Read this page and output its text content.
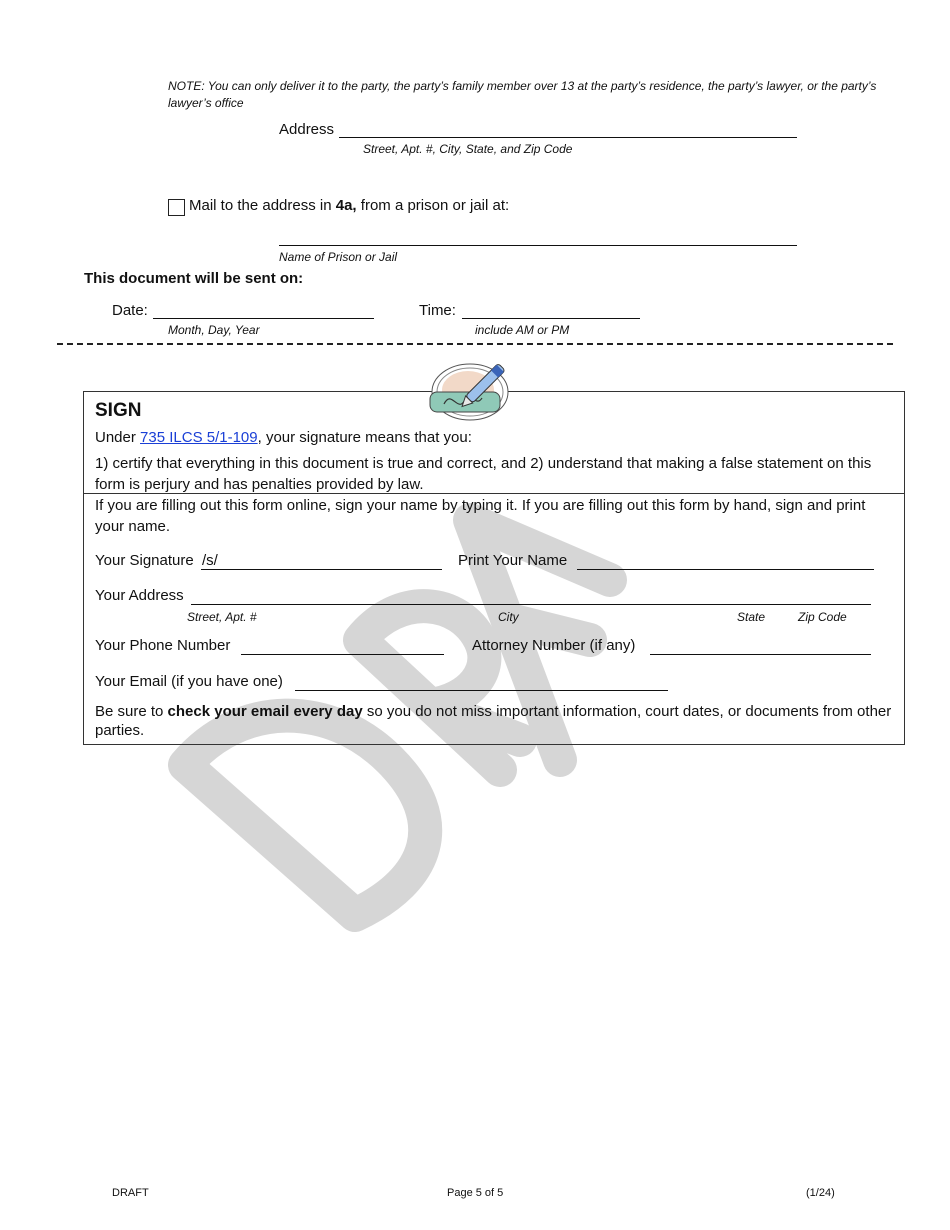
NOTE: You can only deliver it to the party, the party’s family member over 13 at the party’s residence, the party’s lawyer, or the party’s lawyer’s office
Address
Street, Apt. #, City, State, and Zip Code
Mail to the address in 4a, from a prison or jail at:
Name of Prison or Jail
This document will be sent on:
Date:
Month, Day, Year
Time:
include AM or PM
SIGN
Under 735 ILCS 5/1-109, your signature means that you:
1) certify that everything in this document is true and correct, and 2) understand that making a false statement on this form is perjury and has penalties provided by law.
If you are filling out this form online, sign your name by typing it. If you are filling out this form by hand, sign and print your name.
Your Signature /s/	Print Your Name
Your Address
Street, Apt. #	City	State	Zip Code
Your Phone Number	Attorney Number (if any)
Your Email (if you have one)
Be sure to check your email every day so you do not miss important information, court dates, or documents from other parties.
DRAFT	Page 5 of 5	(1/24)
